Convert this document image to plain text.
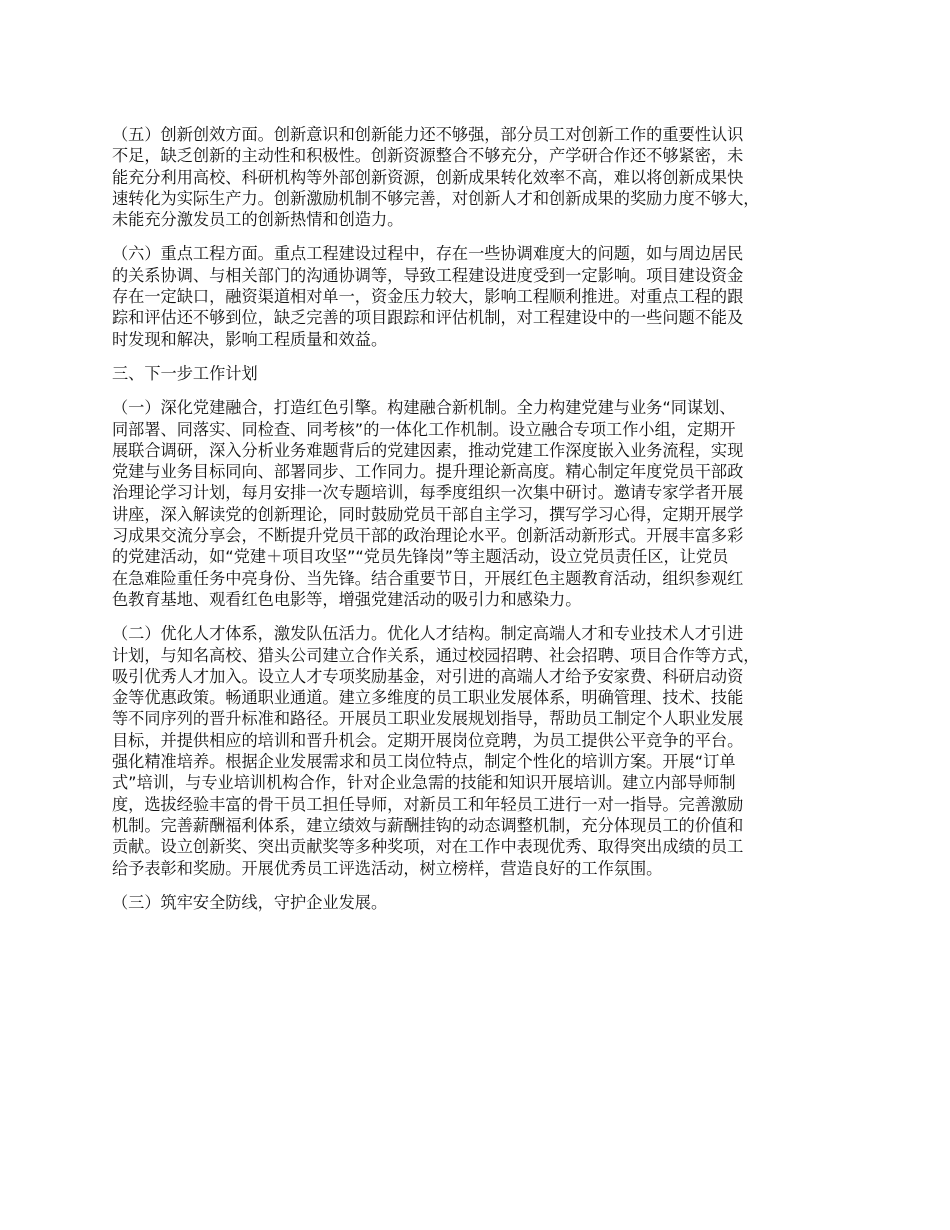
（五）创新创效方面。创新意识和创新能力还不够强，部分员工对创新工作的重要性认识
不足，缺乏创新的主动性和积极性。创新资源整合不够充分，产学研合作还不够紧密，未
能充分利用高校、科研机构等外部创新资源，创新成果转化效率不高，难以将创新成果快
速转化为实际生产力。创新激励机制不够完善，对创新人才和创新成果的奖励力度不够大，
未能充分激发员工的创新热情和创造力。

（六）重点工程方面。重点工程建设过程中，存在一些协调难度大的问题，如与周边居民
的关系协调、与相关部门的沟通协调等，导致工程建设进度受到一定影响。项目建设资金
存在一定缺口，融资渠道相对单一，资金压力较大，影响工程顺利推进。对重点工程的跟
踪和评估还不够到位，缺乏完善的项目跟踪和评估机制，对工程建设中的一些问题不能及
时发现和解决，影响工程质量和效益。

三、下一步工作计划

（一）深化党建融合，打造红色引擎。构建融合新机制。全力构建党建与业务“同谋划、
同部署、同落实、同检查、同考核”的一体化工作机制。设立融合专项工作小组，定期开
展联合调研，深入分析业务难题背后的党建因素，推动党建工作深度嵌入业务流程，实现
党建与业务目标同向、部署同步、工作同力。提升理论新高度。精心制定年度党员干部政
治理论学习计划，每月安排一次专题培训，每季度组织一次集中研讨。邀请专家学者开展
讲座，深入解读党的创新理论，同时鼓励党员干部自主学习，撰写学习心得，定期开展学
习成果交流分享会，不断提升党员干部的政治理论水平。创新活动新形式。开展丰富多彩
的党建活动，如“党建＋项目攻坚”“党员先锋岗”等主题活动，设立党员责任区，让党员
在急难险重任务中亮身份、当先锋。结合重要节日，开展红色主题教育活动，组织参观红
色教育基地、观看红色电影等，增强党建活动的吸引力和感染力。

（二）优化人才体系，激发队伍活力。优化人才结构。制定高端人才和专业技术人才引进
计划，与知名高校、猎头公司建立合作关系，通过校园招聘、社会招聘、项目合作等方式，
吸引优秀人才加入。设立人才专项奖励基金，对引进的高端人才给予安家费、科研启动资
金等优惠政策。畅通职业通道。建立多维度的员工职业发展体系，明确管理、技术、技能
等不同序列的晋升标准和路径。开展员工职业发展规划指导，帮助员工制定个人职业发展
目标，并提供相应的培训和晋升机会。定期开展岗位竞聘，为员工提供公平竞争的平台。
强化精准培养。根据企业发展需求和员工岗位特点，制定个性化的培训方案。开展“订单
式”培训，与专业培训机构合作，针对企业急需的技能和知识开展培训。建立内部导师制
度，选拔经验丰富的骨干员工担任导师，对新员工和年轻员工进行一对一指导。完善激励
机制。完善薪酬福利体系，建立绩效与薪酬挂钩的动态调整机制，充分体现员工的价值和
贡献。设立创新奖、突出贡献奖等多种奖项，对在工作中表现优秀、取得突出成绩的员工
给予表彰和奖励。开展优秀员工评选活动，树立榜样，营造良好的工作氛围。

（三）筑牢安全防线，守护企业发展。
